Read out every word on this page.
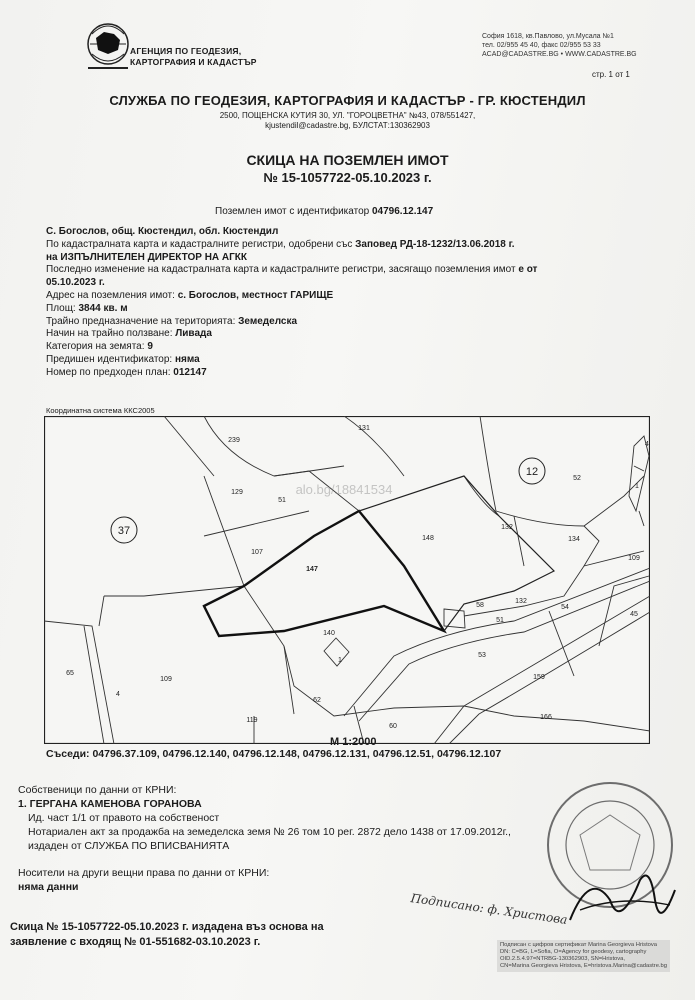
АГЕНЦИЯ ПО ГЕОДЕЗИЯ,
КАРТОГРАФИЯ И КАДАСТЪР
София 1618, кв.Павлово, ул.Мусала №1
тел. 02/955 45 40, факс 02/955 53 33
ACAD@CADASTRE.BG • WWW.CADASTRE.BG
стр. 1 от 1
СЛУЖБА ПО ГЕОДЕЗИЯ, КАРТОГРАФИЯ И КАДАСТЪР - ГР. КЮСТЕНДИЛ
2500, ПОЩЕНСКА КУТИЯ 30, УЛ. "ГОРОЦВЕТНА" №43, 078/551427,
kjustendil@cadastre.bg, БУЛСТАТ:130362903
СКИЦА НА ПОЗЕМЛЕН ИМОТ
№ 15-1057722-05.10.2023 г.
Поземлен имот с идентификатор 04796.12.147
С. Богослов, общ. Кюстендил, обл. Кюстендил
По кадастралната карта и кадастралните регистри, одобрени със Заповед РД-18-1232/13.06.2018 г.
на ИЗПЪЛНИТЕЛЕН ДИРЕКТОР НА АГКК
Последно изменение на кадастралната карта и кадастралните регистри, засягащо поземления имот е от
05.10.2023 г.
Адрес на поземления имот: с. Богослов, местност ГАРИЩЕ
Площ: 3844 кв. м
Трайно предназначение на територията: Земеделска
Начин на трайно ползване: Ливада
Категория на земята: 9
Предишен идентификатор: няма
Номер по предходен план: 012147
Координатна система ККС2005
239
131
129
51
107
147
148
12
52
132
134
109
37
58
51
132
54
45
140
1
53
159
65
4
109
62
119
60
166
4
1
alo.bg/18841534
М 1:2000
Съседи: 04796.37.109, 04796.12.140, 04796.12.148, 04796.12.131, 04796.12.51, 04796.12.107
Собственици по данни от КРНИ:
1. ГЕРГАНА КАМЕНОВА ГОРАНОВА
Ид. част 1/1 от правото на собственост
Нотариален акт за продажба на земеделска земя № 26 том 10 рег. 2872 дело 1438 от 17.09.2012г.,
издаден от СЛУЖБА ПО ВПИСВАНИЯТА
Носители на други вещни права по данни от КРНИ:
няма данни
Скица № 15-1057722-05.10.2023 г. издадена въз основа на
заявление с входящ № 01-551682-03.10.2023 г.
Подписано: ф. Христова
Подписан с цифров сертификат Marina Georgieva Hristova
DN: C=BG, L=Sofia, O=Agency for geodesy, cartography
OID.2.5.4.97=NTRBG-130362903, SN=Hristova,
CN=Marina Georgieva Hristova, E=hristova.Marina@cadastre.bg
